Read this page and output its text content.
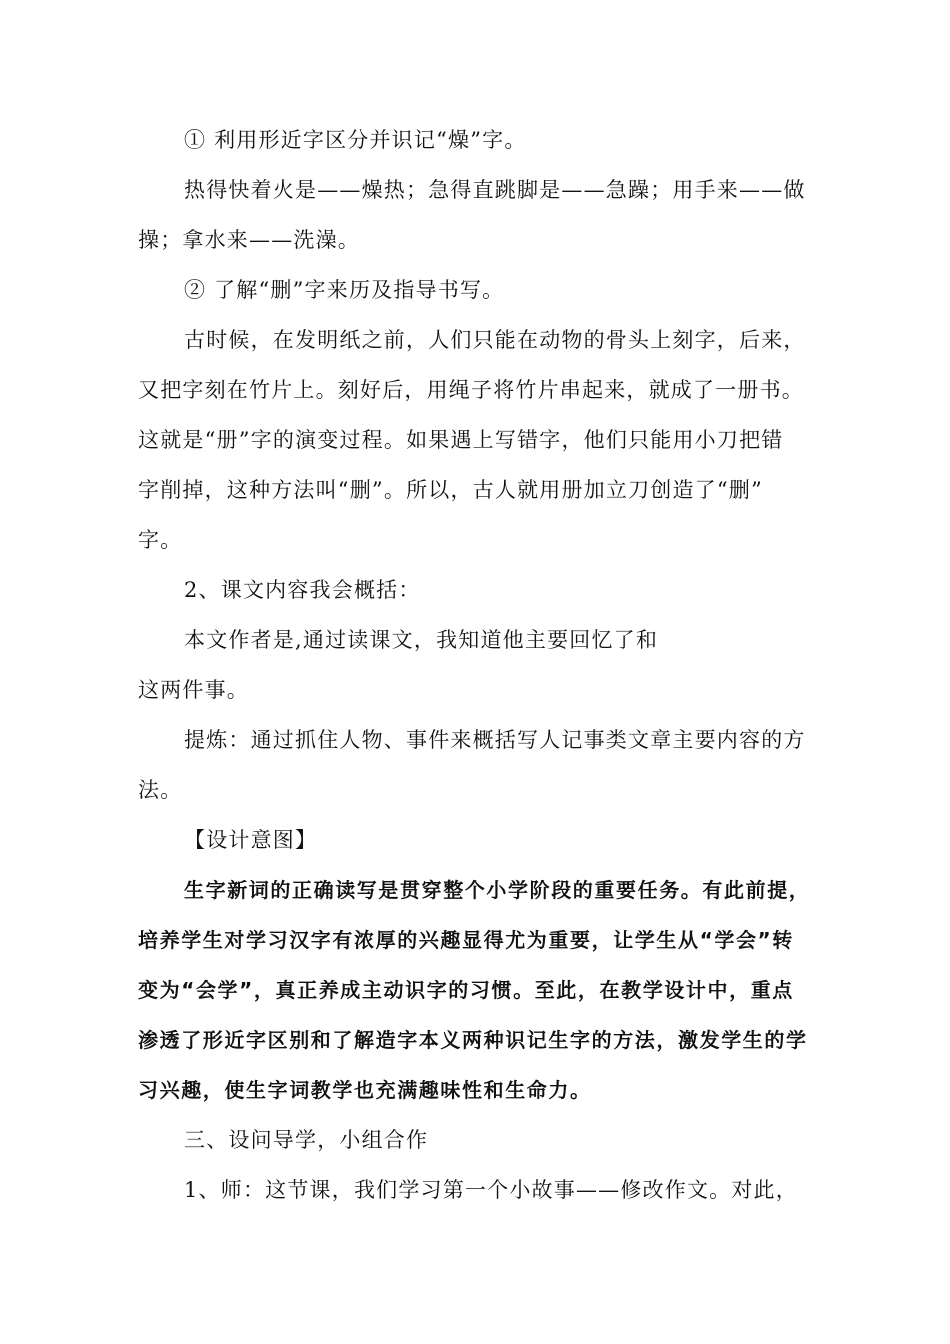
① 利用形近字区分并识记“燥”字。
热得快着火是——燥热；急得直跳脚是——急躁；用手来——做
操；拿水来——洗澡。
② 了解“删”字来历及指导书写。
古时候，在发明纸之前，人们只能在动物的骨头上刻字，后来，
又把字刻在竹片上。刻好后，用绳子将竹片串起来，就成了一册书。
这就是“册”字的演变过程。如果遇上写错字，他们只能用小刀把错
字削掉，这种方法叫“删”。所以，古人就用册加立刀创造了“删”
字。
2、课文内容我会概括：
本文作者是,通过读课文，我知道他主要回忆了和
这两件事。
提炼：通过抓住人物、事件来概括写人记事类文章主要内容的方
法。
【设计意图】
生字新词的正确读写是贯穿整个小学阶段的重要任务。有此前提，
培养学生对学习汉字有浓厚的兴趣显得尤为重要，让学生从“学会”转
变为“会学”，真正养成主动识字的习惯。至此，在教学设计中，重点
渗透了形近字区别和了解造字本义两种识记生字的方法，激发学生的学
习兴趣，使生字词教学也充满趣味性和生命力。
三、设问导学，小组合作
1、师：这节课，我们学习第一个小故事——修改作文。对此，
